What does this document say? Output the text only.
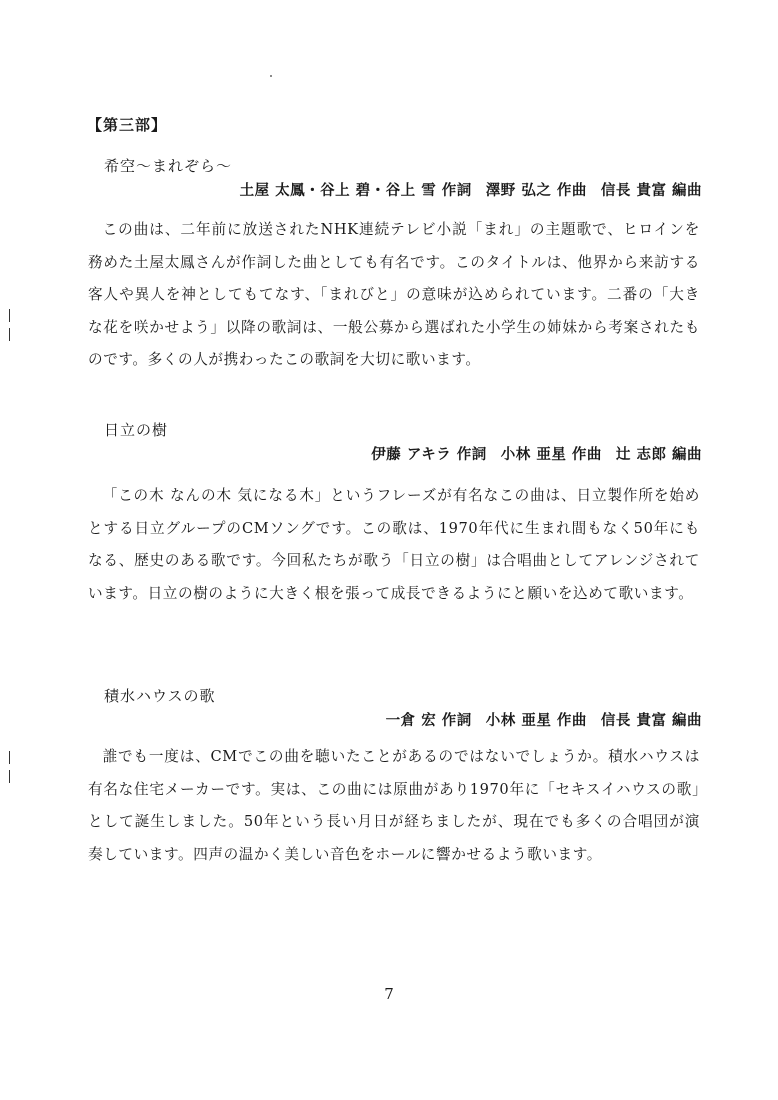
【第三部】
希空～まれぞら～
土屋 太鳳・谷上 碧・谷上 雪 作詞 澤野 弘之 作曲 信長 貴富 編曲
この曲は、二年前に放送されたNHK連続テレビ小説「まれ」の主題歌で、ヒロインを務めた土屋太鳳さんが作詞した曲としても有名です。このタイトルは、他界から来訪する客人や異人を神としてもてなす、「まれびと」の意味が込められています。二番の「大きな花を咲かせよう」以降の歌詞は、一般公募から選ばれた小学生の姉妹から考案されたものです。多くの人が携わったこの歌詞を大切に歌います。
日立の樹
伊藤 アキラ 作詞 小林 亜星 作曲 辻 志郎 編曲
「この木 なんの木 気になる木」というフレーズが有名なこの曲は、日立製作所を始めとする日立グループのCMソングです。この歌は、1970年代に生まれ間もなく50年にもなる、歴史のある歌です。今回私たちが歌う「日立の樹」は合唱曲としてアレンジされています。日立の樹のように大きく根を張って成長できるようにと願いを込めて歌います。
積水ハウスの歌
一倉 宏 作詞 小林 亜星 作曲 信長 貴富 編曲
誰でも一度は、CMでこの曲を聴いたことがあるのではないでしょうか。積水ハウスは有名な住宅メーカーです。実は、この曲には原曲があり1970年に「セキスイハウスの歌」として誕生しました。50年という長い月日が経ちましたが、現在でも多くの合唱団が演奏しています。四声の温かく美しい音色をホールに響かせるよう歌います。
7
